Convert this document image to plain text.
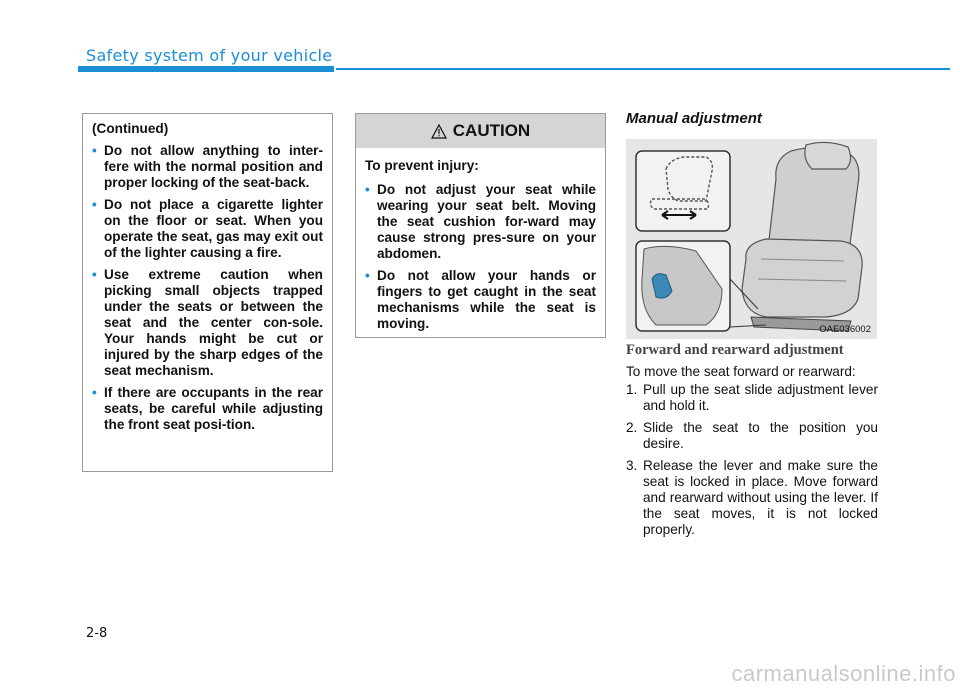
Safety system of your vehicle

(Continued)

• Do not allow anything to inter-fere with the normal position and proper locking of the seat-back.
• Do not place a cigarette lighter on the floor or seat. When you operate the seat, gas may exit out of the lighter causing a fire.
• Use extreme caution when picking small objects trapped under the seats or between the seat and the center con-sole. Your hands might be cut or injured by the sharp edges of the seat mechanism.
• If there are occupants in the rear seats, be careful while adjusting the front seat posi-tion.
CAUTION

To prevent injury:

• Do not adjust your seat while wearing your seat belt. Moving the seat cushion for-ward may cause strong pres-sure on your abdomen.
• Do not allow your hands or fingers to get caught in the seat mechanisms while the seat is moving.
Manual adjustment
OAE036002
Forward and rearward adjustment

To move the seat forward or rearward:

1. Pull up the seat slide adjustment lever and hold it.
2. Slide the seat to the position you desire.
3. Release the lever and make sure the seat is locked in place. Move forward and rearward without using the lever. If the seat moves, it is not locked properly.
2-8
carmanualsonline.info
